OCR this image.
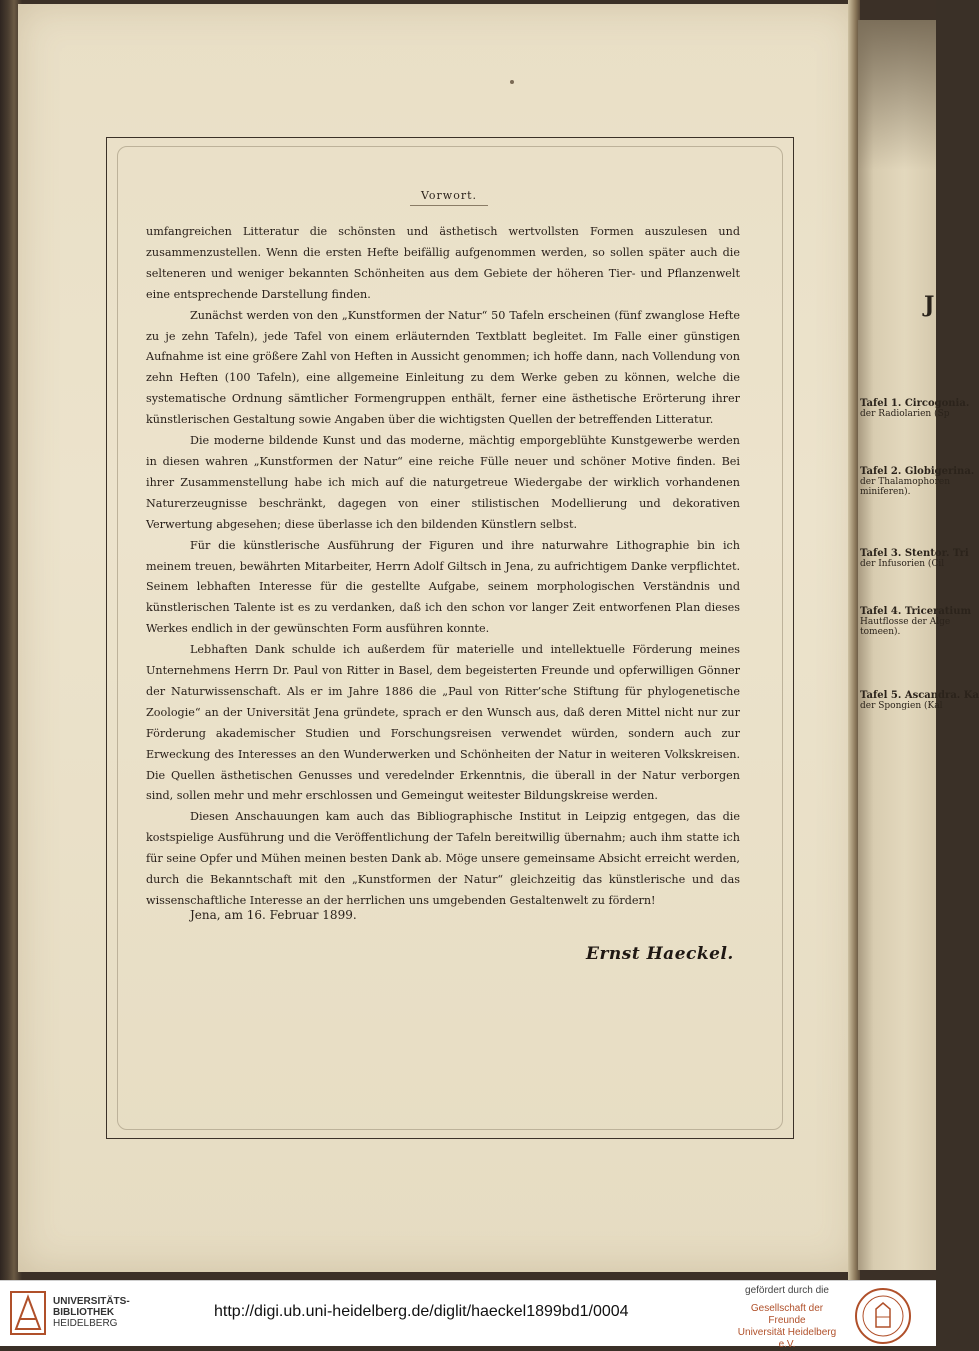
Vorwort.

umfangreichen Litteratur die schönsten und ästhetisch wertvollsten Formen auszulesen und zusammenzustellen. Wenn die ersten Hefte beifällig aufgenommen werden, so sollen später auch die selteneren und weniger bekannten Schönheiten aus dem Gebiete der höheren Tier- und Pflanzenwelt eine entsprechende Darstellung finden.

Zunächst werden von den „Kunstformen der Natur“ 50 Tafeln erscheinen (fünf zwanglose Hefte zu je zehn Tafeln), jede Tafel von einem erläuternden Textblatt begleitet. Im Falle einer günstigen Aufnahme ist eine größere Zahl von Heften in Aussicht genommen; ich hoffe dann, nach Vollendung von zehn Heften (100 Tafeln), eine allgemeine Einleitung zu dem Werke geben zu können, welche die systematische Ordnung sämtlicher Formengruppen enthält, ferner eine ästhetische Erörterung ihrer künstlerischen Gestaltung sowie Angaben über die wichtigsten Quellen der betreffenden Litteratur.

Die moderne bildende Kunst und das moderne, mächtig emporgeblühte Kunstgewerbe werden in diesen wahren „Kunstformen der Natur“ eine reiche Fülle neuer und schöner Motive finden. Bei ihrer Zusammenstellung habe ich mich auf die naturgetreue Wiedergabe der wirklich vorhandenen Naturerzeugnisse beschränkt, dagegen von einer stilistischen Modellierung und dekorativen Verwertung abgesehen; diese überlasse ich den bildenden Künstlern selbst.

Für die künstlerische Ausführung der Figuren und ihre naturwahre Lithographie bin ich meinem treuen, bewährten Mitarbeiter, Herrn Adolf Giltsch in Jena, zu aufrichtigem Danke verpflichtet. Seinem lebhaften Interesse für die gestellte Aufgabe, seinem morphologischen Verständnis und künstlerischen Talente ist es zu verdanken, daß ich den schon vor langer Zeit entworfenen Plan dieses Werkes endlich in der gewünschten Form ausführen konnte.

Lebhaften Dank schulde ich außerdem für materielle und intellektuelle Förderung meines Unternehmens Herrn Dr. Paul von Ritter in Basel, dem begeisterten Freunde und opferwilligen Gönner der Naturwissenschaft. Als er im Jahre 1886 die „Paul von Ritter’sche Stiftung für phylogenetische Zoologie“ an der Universität Jena gründete, sprach er den Wunsch aus, daß deren Mittel nicht nur zur Förderung akademischer Studien und Forschungsreisen verwendet würden, sondern auch zur Erweckung des Interesses an den Wunderwerken und Schönheiten der Natur in weiteren Volkskreisen. Die Quellen ästhetischen Genusses und veredelnder Erkenntnis, die überall in der Natur verborgen sind, sollen mehr und mehr erschlossen und Gemeingut weitester Bildungskreise werden.

Diesen Anschauungen kam auch das Bibliographische Institut in Leipzig entgegen, das die kostspielige Ausführung und die Veröffentlichung der Tafeln bereitwillig übernahm; auch ihm statte ich für seine Opfer und Mühen meinen besten Dank ab. Möge unsere gemeinsame Absicht erreicht werden, durch die Bekanntschaft mit den „Kunstformen der Natur“ gleichzeitig das künstlerische und das wissenschaftliche Interesse an der herrlichen uns umgebenden Gestaltenwelt zu fördern!

Jena, am 16. Februar 1899.
Ernst Haeckel.
J
Tafel 1. Circogonia.
der Radiolarien (Sp
Tafel 2. Globigerina.
der Thalamophoren
miniferen).
Tafel 3. Stentor. Tri
der Infusorien (Cil
Tafel 4. Triceratium
Hautflosse der Alge
tomeen).
Tafel 5. Ascandra. Ka
der Spongien (Kal
UNIVERSITÄTS-
BIBLIOTHEK
HEIDELBERG
http://digi.ub.uni-heidelberg.de/diglit/haeckel1899bd1/0004
gefördert durch die
Gesellschaft der Freunde
Universität Heidelberg e.V.
